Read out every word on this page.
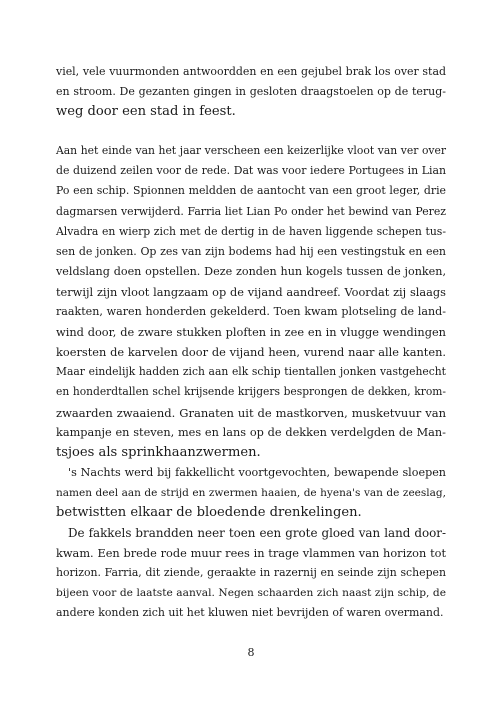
viel, vele vuurmonden antwoordden en een gejubel brak los over stad
en stroom. De gezanten gingen in gesloten draagstoelen op de terug-
weg door een stad in feest.
Aan het einde van het jaar verscheen een keizerlijke vloot van ver over
de duizend zeilen voor de rede. Dat was voor iedere Portugees in Lian
Po een schip. Spionnen meldden de aantocht van een groot leger, drie
dagmarsen verwijderd. Farria liet Lian Po onder het bewind van Perez
Alvadra en wierp zich met de dertig in de haven liggende schepen tus-
sen de jonken. Op zes van zijn bodems had hij een vestingstuk en een
veldslang doen opstellen. Deze zonden hun kogels tussen de jonken,
terwijl zijn vloot langzaam op de vijand aandreef. Voordat zij slaags
raakten, waren honderden gekelderd. Toen kwam plotseling de land-
wind door, de zware stukken ploften in zee en in vlugge wendingen
koersten de karvelen door de vijand heen, vurend naar alle kanten.
Maar eindelijk hadden zich aan elk schip tientallen jonken vastgehecht
en honderdtallen schel krijsende krijgers besprongen de dekken, krom-
zwaarden zwaaiend. Granaten uit de mastkorven, musketvuur van
kampanje en steven, mes en lans op de dekken verdelgden de Man-
tsjoes als sprinkhaanzwermen.
's Nachts werd bij fakkellicht voortgevochten, bewapende sloepen
namen deel aan de strijd en zwermen haaien, de hyena's van de zeeslag,
betwistten elkaar de bloedende drenkelingen.
De fakkels brandden neer toen een grote gloed van land door-
kwam. Een brede rode muur rees in trage vlammen van horizon tot
horizon. Farria, dit ziende, geraakte in razernij en seinde zijn schepen
bijeen voor de laatste aanval. Negen schaarden zich naast zijn schip, de
andere konden zich uit het kluwen niet bevrijden of waren overmand.
8
